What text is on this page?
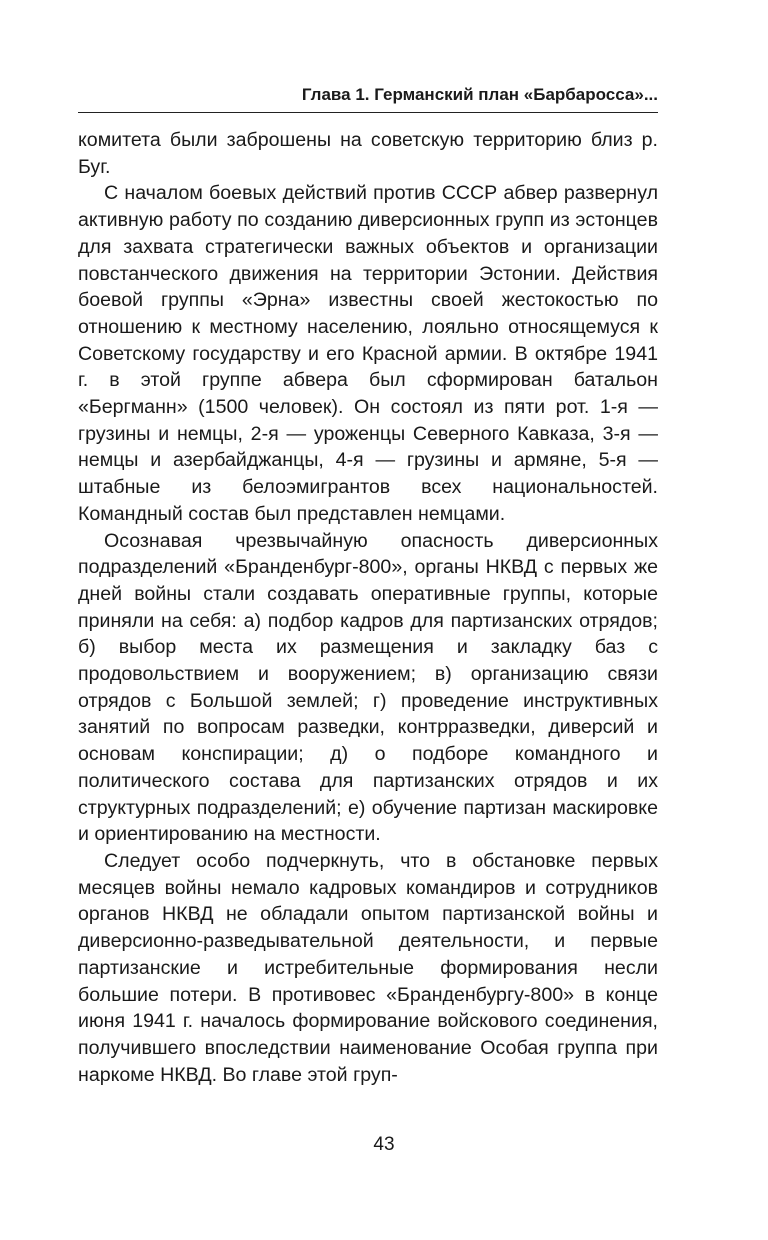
Глава 1. Германский план «Барбаросса»...

комитета были заброшены на советскую территорию близ р. Буг.

С началом боевых действий против СССР абвер развернул активную работу по созданию диверсионных групп из эстонцев для захвата стратегически важных объектов и организации повстанческого движения на территории Эстонии. Действия боевой группы «Эрна» известны своей жестокостью по отношению к местному населению, лояльно относящемуся к Советскому государству и его Красной армии. В октябре 1941 г. в этой группе абвера был сформирован батальон «Бергманн» (1500 человек). Он состоял из пяти рот. 1-я — грузины и немцы, 2-я — уроженцы Северного Кавказа, 3-я — немцы и азербайджанцы, 4-я — грузины и армяне, 5-я — штабные из белоэмигрантов всех национальностей. Командный состав был представлен немцами.

Осознавая чрезвычайную опасность диверсионных подразделений «Бранденбург-800», органы НКВД с первых же дней войны стали создавать оперативные группы, которые приняли на себя: а) подбор кадров для партизанских отрядов; б) выбор места их размещения и закладку баз с продовольствием и вооружением; в) организацию связи отрядов с Большой землей; г) проведение инструктивных занятий по вопросам разведки, контрразведки, диверсий и основам конспирации; д) о подборе командного и политического состава для партизанских отрядов и их структурных подразделений; е) обучение партизан маскировке и ориентированию на местности.

Следует особо подчеркнуть, что в обстановке первых месяцев войны немало кадровых командиров и сотрудников органов НКВД не обладали опытом партизанской войны и диверсионно-разведывательной деятельности, и первые партизанские и истребительные формирования несли большие потери. В противовес «Бранденбургу-800» в конце июня 1941 г. началось формирование войскового соединения, получившего впоследствии наименование Особая группа при наркоме НКВД. Во главе этой груп-

43
